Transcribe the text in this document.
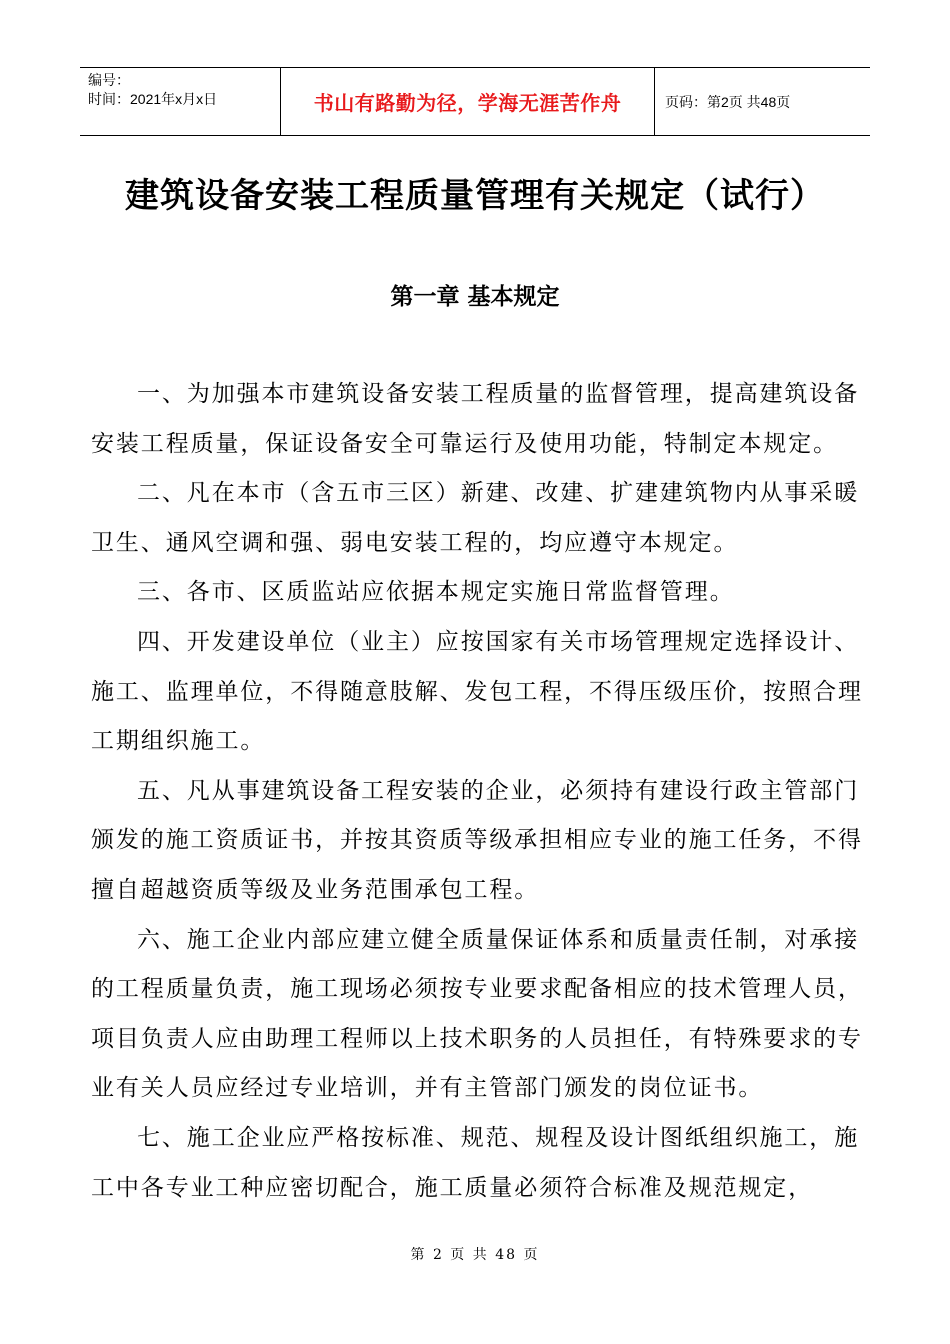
编号：
时间：2021年x月x日	书山有路勤为径，学海无涯苦作舟	页码：第2页 共48页
建筑设备安装工程质量管理有关规定（试行）
第一章 基本规定

一、为加强本市建筑设备安装工程质量的监督管理，提高建筑设备安装工程质量，保证设备安全可靠运行及使用功能，特制定本规定。

二、凡在本市（含五市三区）新建、改建、扩建建筑物内从事采暖卫生、通风空调和强、弱电安装工程的，均应遵守本规定。

三、各市、区质监站应依据本规定实施日常监督管理。

四、开发建设单位（业主）应按国家有关市场管理规定选择设计、施工、监理单位，不得随意肢解、发包工程，不得压级压价，按照合理工期组织施工。

五、凡从事建筑设备工程安装的企业，必须持有建设行政主管部门颁发的施工资质证书，并按其资质等级承担相应专业的施工任务，不得擅自超越资质等级及业务范围承包工程。

六、施工企业内部应建立健全质量保证体系和质量责任制，对承接的工程质量负责，施工现场必须按专业要求配备相应的技术管理人员，项目负责人应由助理工程师以上技术职务的人员担任，有特殊要求的专业有关人员应经过专业培训，并有主管部门颁发的岗位证书。

七、施工企业应严格按标准、规范、规程及设计图纸组织施工，施工中各专业工种应密切配合，施工质量必须符合标准及规范规定，

第 2 页 共 48 页
